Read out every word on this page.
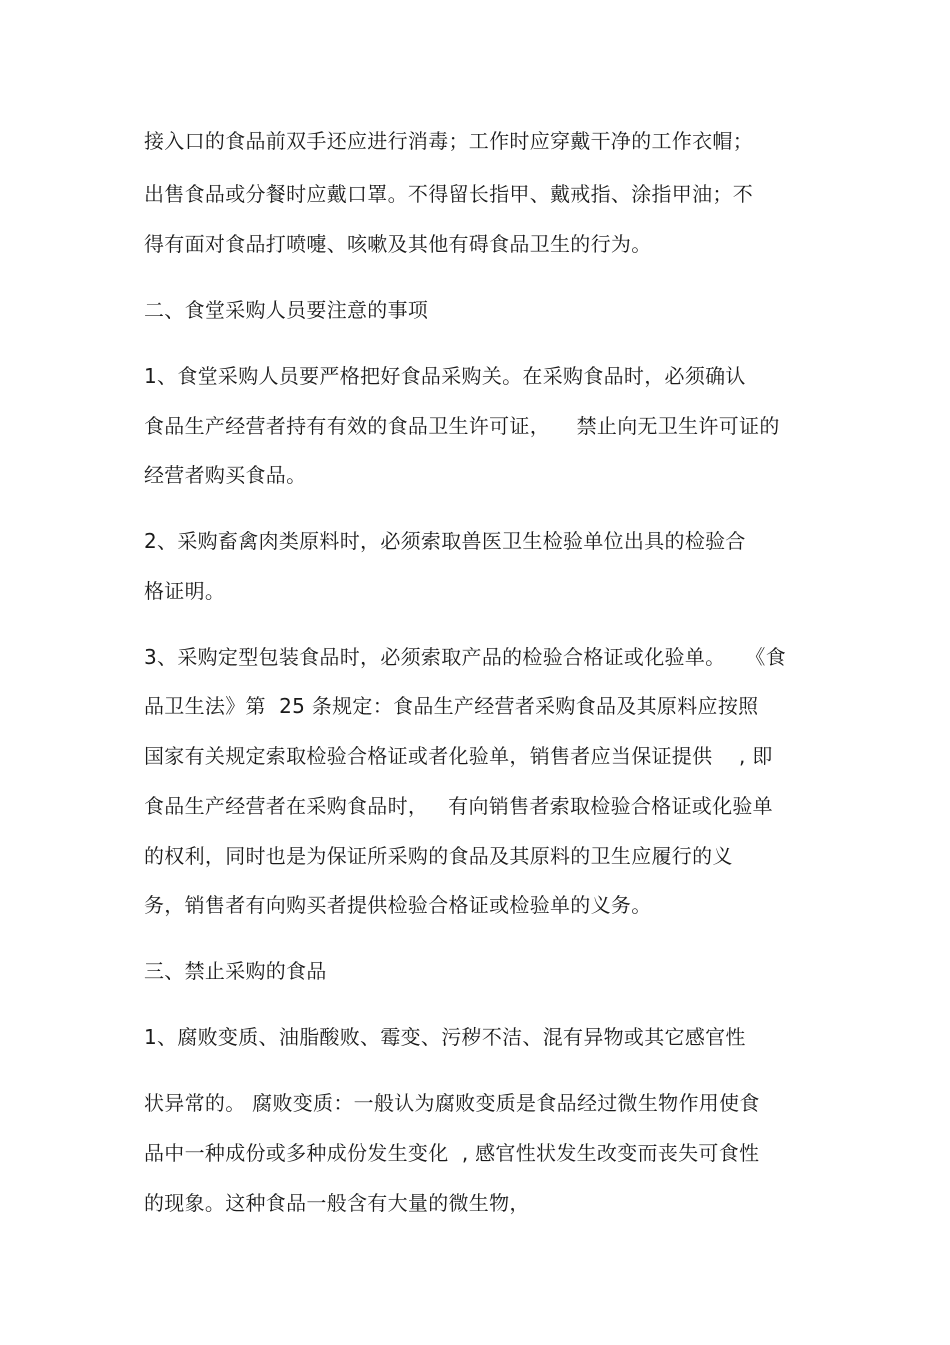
接入口的食品前双手还应进行消毒；工作时应穿戴干净的工作衣帽；
出售食品或分餐时应戴口罩。不得留长指甲、戴戒指、涂指甲油；不
得有面对食品打喷嚏、咳嗽及其他有碍食品卫生的行为。
二、食堂采购人员要注意的事项
1、食堂采购人员要严格把好食品采购关。在采购食品时，必须确认
食品生产经营者持有有效的食品卫生许可证，    禁止向无卫生许可证的
经营者购买食品。
2、采购畜禽肉类原料时，必须索取兽医卫生检验单位出具的检验合
格证明。
3、采购定型包装食品时，必须索取产品的检验合格证或化验单。   《食
品卫生法》第  25 条规定：食品生产经营者采购食品及其原料应按照
国家有关规定索取检验合格证或者化验单，销售者应当保证提供    , 即
食品生产经营者在采购食品时，   有向销售者索取检验合格证或化验单
的权利，同时也是为保证所采购的食品及其原料的卫生应履行的义
务，销售者有向购买者提供检验合格证或检验单的义务。
三、禁止采购的食品
1、腐败变质、油脂酸败、霉变、污秽不洁、混有异物或其它感官性
状异常的。 腐败变质：一般认为腐败变质是食品经过微生物作用使食
品中一种成份或多种成份发生变化  , 感官性状发生改变而丧失可食性
的现象。这种食品一般含有大量的微生物，
